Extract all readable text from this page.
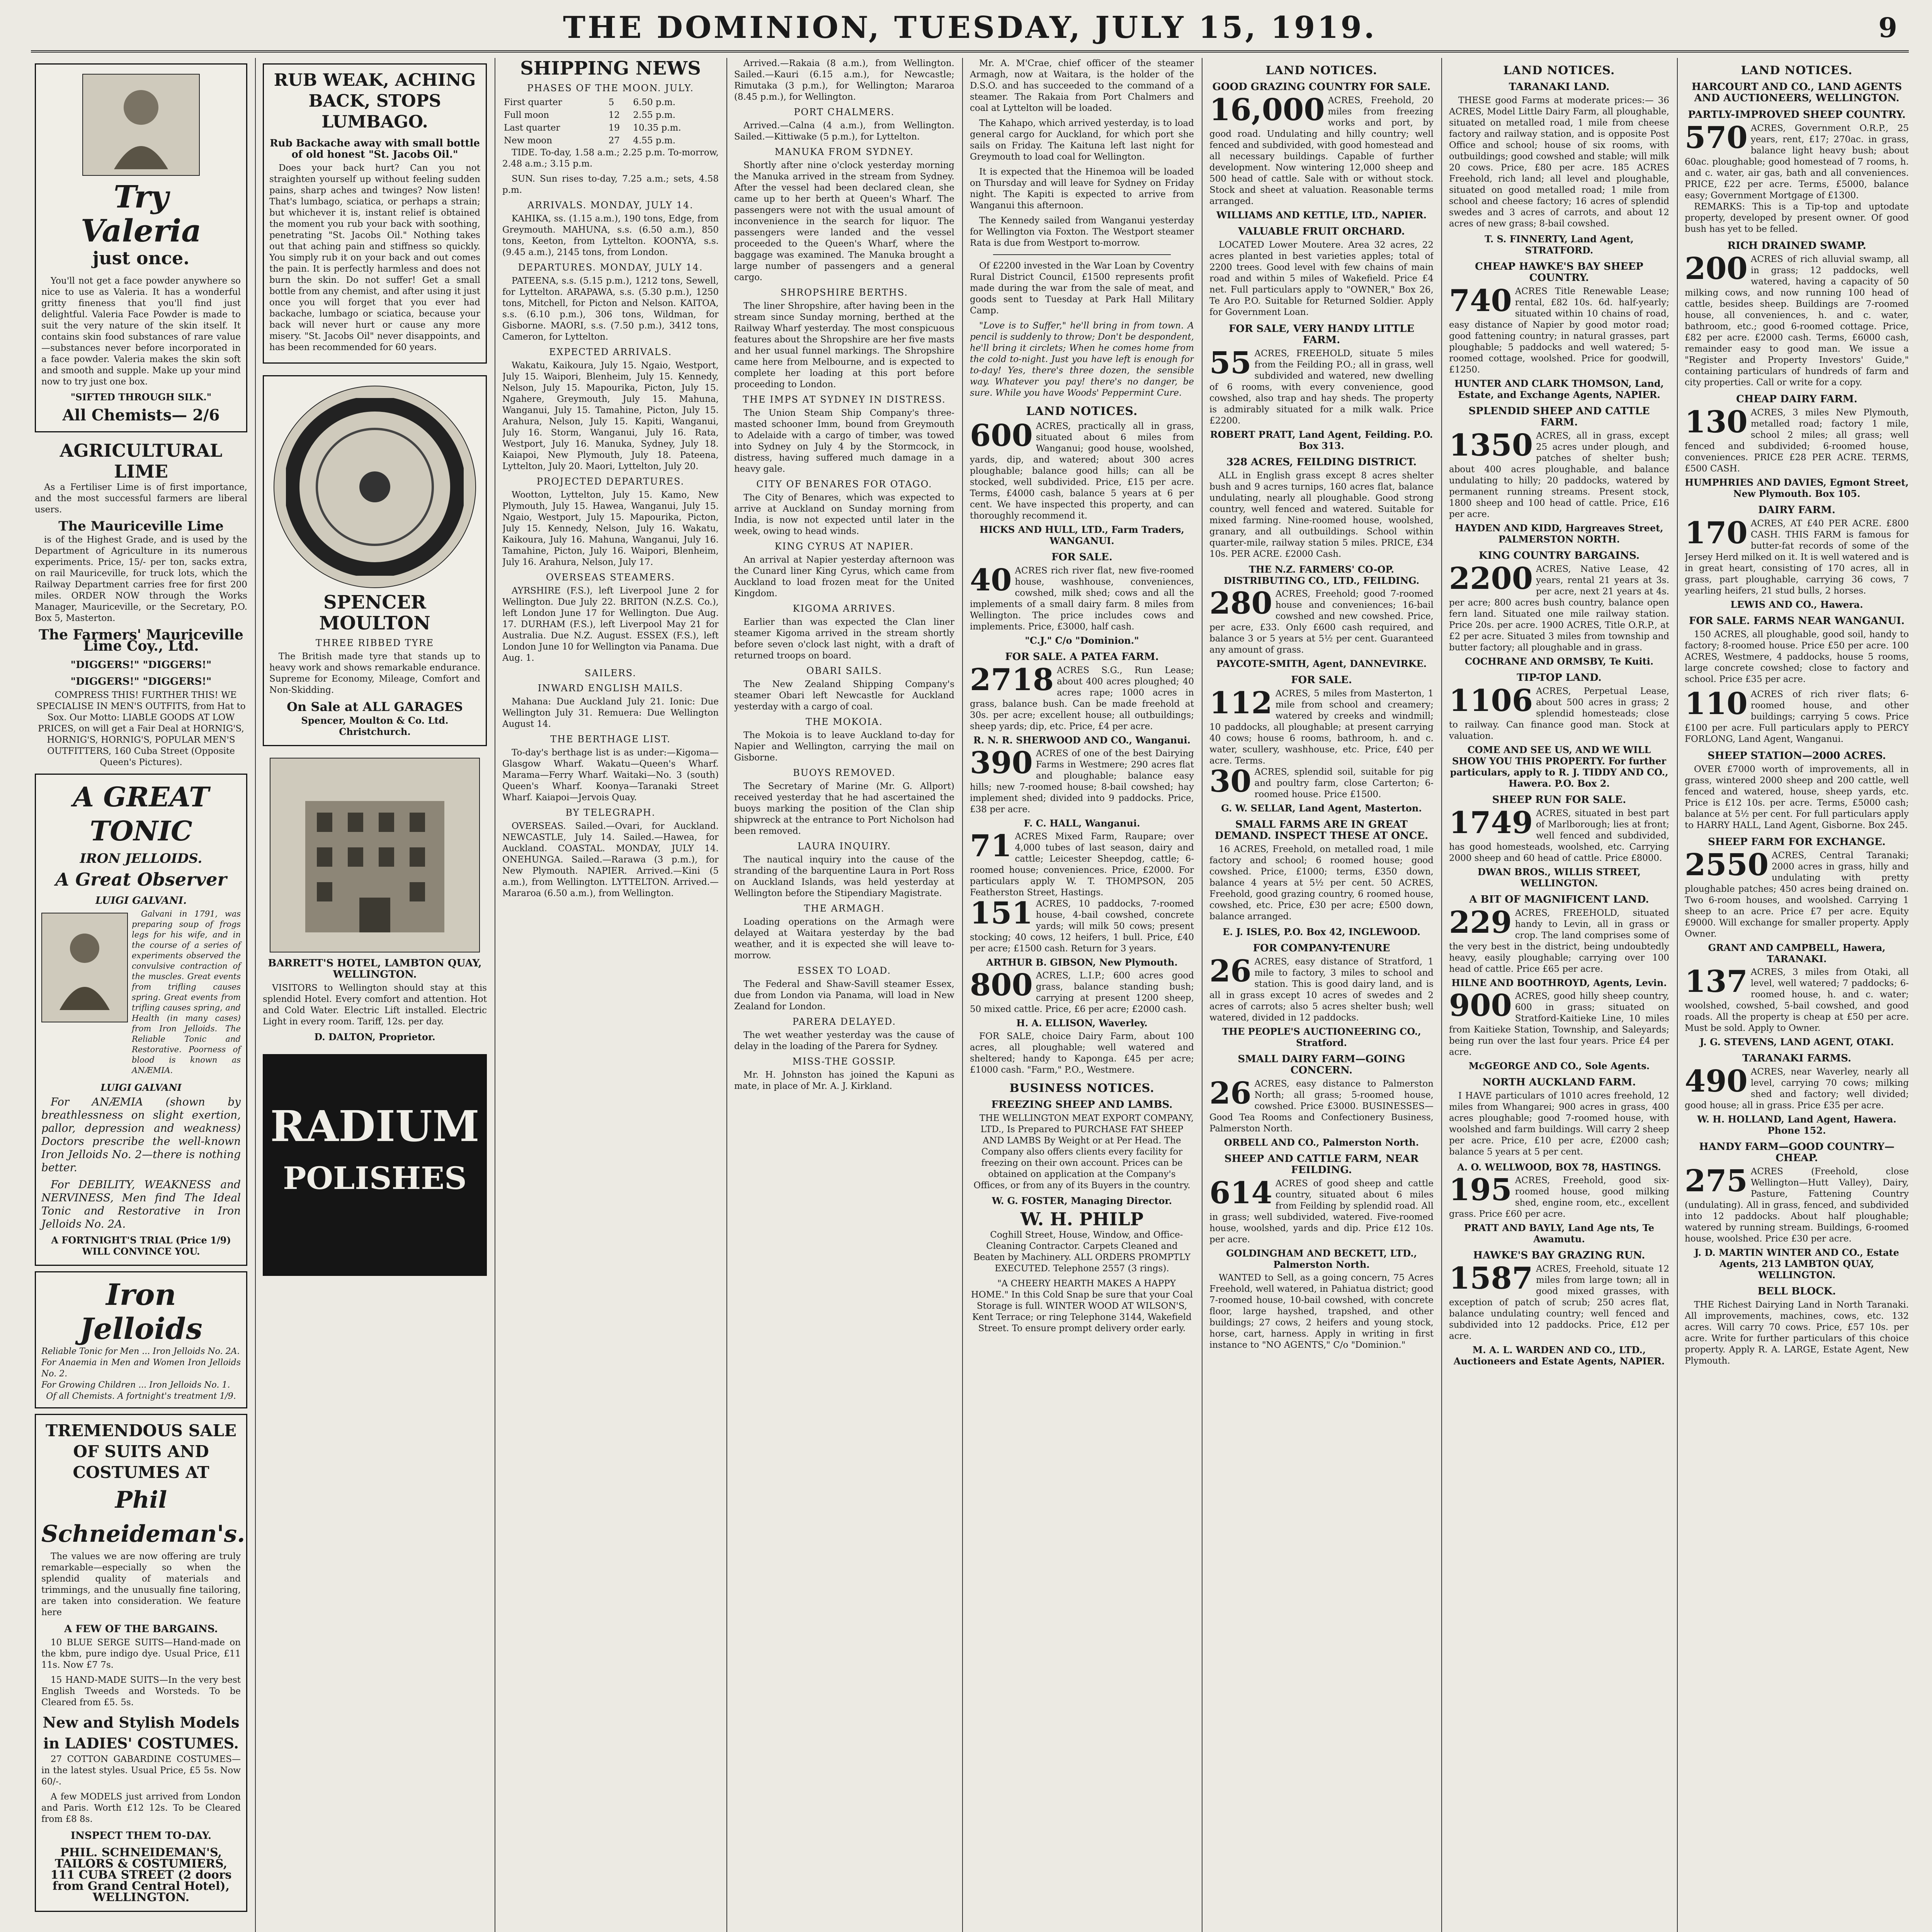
THE DOMINION, TUESDAY, JULY 15, 1919.	9
Try
Valeria
just once.

You'll not get a face powder anywhere so nice to use as Valeria. It has a wonderful gritty fineness that you'll find just delightful. Valeria Face Powder is made to suit the very nature of the skin itself. It contains skin food substances of rare value—substances never before incorporated in a face powder. Valeria makes the skin soft and smooth and supple. Make up your mind now to try just one box.

"SIFTED THROUGH SILK."
All Chemists— 2/6
AGRICULTURAL LIME

As a Fertiliser Lime is of first importance, and the most successful farmers are liberal users.

The Mauriceville Lime

is of the Highest Grade, and is used by the Department of Agriculture in its numerous experiments. Price, 15/- per ton, sacks extra, on rail Mauriceville, for truck lots, which the Railway Department carries free for first 200 miles. ORDER NOW through the Works Manager, Mauriceville, or the Secretary, P.O. Box 5, Masterton.

The Farmers' Mauriceville Lime Coy., Ltd.
"DIGGERS!" "DIGGERS!"
"DIGGERS!" "DIGGERS!"

COMPRESS THIS! FURTHER THIS! WE SPECIALISE IN MEN'S OUTFITS, from Hat to Sox. Our Motto: LIABLE GOODS AT LOW PRICES, on will get a Fair Deal at HORNIG'S, HORNIG'S, HORNIG'S, POPULAR MEN'S OUTFITTERS, 160 Cuba Street (Opposite Queen's Pictures).

A GREAT TONIC
IRON JELLOIDS.
A Great Observer
LUIGI GALVANI.

Galvani in 1791, was preparing soup of frogs legs for his wife, and in the course of a series of experiments observed the convulsive contraction of the muscles. Great events from trifling causes spring. Great events from trifling causes spring, and Health (in many cases) from Iron Jelloids. The Reliable Tonic and Restorative. Poorness of blood is known as ANÆMIA.

LUIGI GALVANI

For ANÆMIA (shown by breathlessness on slight exertion, pallor, depression and weakness) Doctors prescribe the well-known Iron Jelloids No. 2—there is nothing better.

For DEBILITY, WEAKNESS and NERVINESS, Men find The Ideal Tonic and Restorative in Iron Jelloids No. 2A.

A FORTNIGHT'S TRIAL (Price 1/9) WILL CONVINCE YOU.
Iron Jelloids
Reliable Tonic for Men ... Iron Jelloids No. 2A.
For Anaemia in Men and Women Iron Jelloids No. 2.
For Growing Children ... Iron Jelloids No. 1.
Of all Chemists. A fortnight's treatment 1/9.
TREMENDOUS SALE OF SUITS AND COSTUMES AT
Phil Schneideman's.

The values we are now offering are truly remarkable—especially so when the splendid quality of materials and trimmings, and the unusually fine tailoring, are taken into consideration. We feature here

A FEW OF THE BARGAINS.

10 BLUE SERGE SUITS—Hand-made on the kbm, pure indigo dye. Usual Price, £11 11s. Now £7 7s.

15 HAND-MADE SUITS—In the very best English Tweeds and Worsteds. To be Cleared from £5. 5s.

New and Stylish Models in LADIES' COSTUMES.

27 COTTON GABARDINE COSTUMES—in the latest styles. Usual Price, £5 5s. Now 60/-.

A few MODELS just arrived from London and Paris. Worth £12 12s. To be Cleared from £8 8s.

INSPECT THEM TO-DAY.
PHIL. SCHNEIDEMAN'S, TAILORS & COSTUMIERS, 111 CUBA STREET (2 doors from Grand Central Hotel), WELLINGTON.
RUB WEAK, ACHING BACK, STOPS LUMBAGO.
Rub Backache away with small bottle of old honest "St. Jacobs Oil."

Does your back hurt? Can you not straighten yourself up without feeling sudden pains, sharp aches and twinges? Now listen! That's lumbago, sciatica, or perhaps a strain; but whichever it is, instant relief is obtained the moment you rub your back with soothing, penetrating "St. Jacobs Oil." Nothing takes out that aching pain and stiffness so quickly. You simply rub it on your back and out comes the pain. It is perfectly harmless and does not burn the skin. Do not suffer! Get a small bottle from any chemist, and after using it just once you will forget that you ever had backache, lumbago or sciatica, because your back will never hurt or cause any more misery. "St. Jacobs Oil" never disappoints, and has been recommended for 60 years.

SPENCER MOULTON
THREE RIBBED TYRE

The British made tyre that stands up to heavy work and shows remarkable endurance. Supreme for Economy, Mileage, Comfort and Non-Skidding.

On Sale at ALL GARAGES
Spencer, Moulton & Co. Ltd. Christchurch.
BARRETT'S HOTEL, LAMBTON QUAY, WELLINGTON.

VISITORS to Wellington should stay at this splendid Hotel. Every comfort and attention. Hot and Cold Water. Electric Lift installed. Electric Light in every room. Tariff, 12s. per day.

D. DALTON, Proprietor.
RADIUM
POLISHES
SHIPPING NEWS
PHASES OF THE MOON. JULY.
First quarter	5	6.50 p.m.
Full moon	12	2.55 p.m.
Last quarter	19	10.35 p.m.
New moon	27	4.55 p.m.

TIDE. To-day, 1.58 a.m.; 2.25 p.m. To-morrow, 2.48 a.m.; 3.15 p.m.

SUN. Sun rises to-day, 7.25 a.m.; sets, 4.58 p.m.

ARRIVALS. MONDAY, JULY 14.

KAHIKA, ss. (1.15 a.m.), 190 tons, Edge, from Greymouth. MAHUNA, s.s. (6.50 a.m.), 850 tons, Keeton, from Lyttelton. KOONYA, s.s. (9.45 a.m.), 2145 tons, from London.

DEPARTURES. MONDAY, JULY 14.

PATEENA, s.s. (5.15 p.m.), 1212 tons, Sewell, for Lyttelton. ARAPAWA, s.s. (5.30 p.m.), 1250 tons, Mitchell, for Picton and Nelson. KAITOA, s.s. (6.10 p.m.), 306 tons, Wildman, for Gisborne. MAORI, s.s. (7.50 p.m.), 3412 tons, Cameron, for Lyttelton.

EXPECTED ARRIVALS.

Wakatu, Kaikoura, July 15. Ngaio, Westport, July 15. Waipori, Blenheim, July 15. Kennedy, Nelson, July 15. Mapourika, Picton, July 15. Ngahere, Greymouth, July 15. Mahuna, Wanganui, July 15. Tamahine, Picton, July 15. Arahura, Nelson, July 15. Kapiti, Wanganui, July 16. Storm, Wanganui, July 16. Rata, Westport, July 16. Manuka, Sydney, July 18. Kaiapoi, New Plymouth, July 18. Pateena, Lyttelton, July 20. Maori, Lyttelton, July 20.

PROJECTED DEPARTURES.

Wootton, Lyttelton, July 15. Kamo, New Plymouth, July 15. Hawea, Wanganui, July 15. Ngaio, Westport, July 15. Mapourika, Picton, July 15. Kennedy, Nelson, July 16. Wakatu, Kaikoura, July 16. Mahuna, Wanganui, July 16. Tamahine, Picton, July 16. Waipori, Blenheim, July 16. Arahura, Nelson, July 17.

OVERSEAS STEAMERS.

AYRSHIRE (F.S.), left Liverpool June 2 for Wellington. Due July 22. BRITON (N.Z.S. Co.), left London June 17 for Wellington. Due Aug. 17. DURHAM (F.S.), left Liverpool May 21 for Australia. Due N.Z. August. ESSEX (F.S.), left London June 10 for Wellington via Panama. Due Aug. 1.

SAILERS.
INWARD ENGLISH MAILS.

Mahana: Due Auckland July 21. Ionic: Due Wellington July 31. Remuera: Due Wellington August 14.

THE BERTHAGE LIST.

To-day's berthage list is as under:—Kigoma—Glasgow Wharf. Wakatu—Queen's Wharf. Marama—Ferry Wharf. Waitaki—No. 3 (south) Queen's Wharf. Koonya—Taranaki Street Wharf. Kaiapoi—Jervois Quay.

BY TELEGRAPH.

OVERSEAS. Sailed.—Ovari, for Auckland. NEWCASTLE, July 14. Sailed.—Hawea, for Auckland. COASTAL. MONDAY, JULY 14. ONEHUNGA. Sailed.—Rarawa (3 p.m.), for New Plymouth. NAPIER. Arrived.—Kini (5 a.m.), from Wellington. LYTTELTON. Arrived.—Mararoa (6.50 a.m.), from Wellington.

Arrived.—Rakaia (8 a.m.), from Wellington. Sailed.—Kauri (6.15 a.m.), for Newcastle; Rimutaka (3 p.m.), for Wellington; Mararoa (8.45 p.m.), for Wellington.

PORT CHALMERS.

Arrived.—Calna (4 a.m.), from Wellington. Sailed.—Kittiwake (5 p.m.), for Lyttelton.

MANUKA FROM SYDNEY.

Shortly after nine o'clock yesterday morning the Manuka arrived in the stream from Sydney. After the vessel had been declared clean, she came up to her berth at Queen's Wharf. The passengers were not with the usual amount of inconvenience in the search for liquor. The passengers were landed and the vessel proceeded to the Queen's Wharf, where the baggage was examined. The Manuka brought a large number of passengers and a general cargo.

SHROPSHIRE BERTHS.

The liner Shropshire, after having been in the stream since Sunday morning, berthed at the Railway Wharf yesterday. The most conspicuous features about the Shropshire are her five masts and her usual funnel markings. The Shropshire came here from Melbourne, and is expected to complete her loading at this port before proceeding to London.

THE IMPS AT SYDNEY IN DISTRESS.

The Union Steam Ship Company's three-masted schooner Imm, bound from Greymouth to Adelaide with a cargo of timber, was towed into Sydney on July 4 by the Stormcock, in distress, having suffered much damage in a heavy gale.

CITY OF BENARES FOR OTAGO.

The City of Benares, which was expected to arrive at Auckland on Sunday morning from India, is now not expected until later in the week, owing to head winds.

KING CYRUS AT NAPIER.

An arrival at Napier yesterday afternoon was the Cunard liner King Cyrus, which came from Auckland to load frozen meat for the United Kingdom.

KIGOMA ARRIVES.

Earlier than was expected the Clan liner steamer Kigoma arrived in the stream shortly before seven o'clock last night, with a draft of returned troops on board.

OBARI SAILS.

The New Zealand Shipping Company's steamer Obari left Newcastle for Auckland yesterday with a cargo of coal.

THE MOKOIA.

The Mokoia is to leave Auckland to-day for Napier and Wellington, carrying the mail on Gisborne.

BUOYS REMOVED.

The Secretary of Marine (Mr. G. Allport) received yesterday that he had ascertained the buoys marking the position of the Clan ship shipwreck at the entrance to Port Nicholson had been removed.

LAURA INQUIRY.

The nautical inquiry into the cause of the stranding of the barquentine Laura in Port Ross on Auckland Islands, was held yesterday at Wellington before the Stipendiary Magistrate.

THE ARMAGH.

Loading operations on the Armagh were delayed at Waitara yesterday by the bad weather, and it is expected she will leave to-morrow.

ESSEX TO LOAD.

The Federal and Shaw-Savill steamer Essex, due from London via Panama, will load in New Zealand for London.

PARERA DELAYED.

The wet weather yesterday was the cause of delay in the loading of the Parera for Sydney.

MISS-THE GOSSIP.

Mr. H. Johnston has joined the Kapuni as mate, in place of Mr. A. J. Kirkland.

Mr. A. M'Crae, chief officer of the steamer Armagh, now at Waitara, is the holder of the D.S.O. and has succeeded to the command of a steamer. The Rakaia from Port Chalmers and coal at Lyttelton will be loaded.

The Kahapo, which arrived yesterday, is to load general cargo for Auckland, for which port she sails on Friday. The Kaituna left last night for Greymouth to load coal for Wellington.

It is expected that the Hinemoa will be loaded on Thursday and will leave for Sydney on Friday night. The Kapiti is expected to arrive from Wanganui this afternoon.

The Kennedy sailed from Wanganui yesterday for Wellington via Foxton. The Westport steamer Rata is due from Westport to-morrow.

Of £2200 invested in the War Loan by Coventry Rural District Council, £1500 represents profit made during the war from the sale of meat, and goods sent to Tuesday at Park Hall Military Camp.

"Love is to Suffer," he'll bring in from town. A pencil is suddenly to throw; Don't be despondent, he'll bring it circlets; When he comes home from the cold to-night. Just you have left is enough for to-day! Yes, there's three dozen, the sensible way. Whatever you pay! there's no danger, be sure. While you have Woods' Peppermint Cure.

LAND NOTICES.
600 ACRES, practically all in grass, situated about 6 miles from Wanganui; good house, woolshed, yards, dip, and watered; about 300 acres ploughable; balance good hills; can all be stocked, well subdivided. Price, £15 per acre. Terms, £4000 cash, balance 5 years at 6 per cent. We have inspected this property, and can thoroughly recommend it.
HICKS AND HULL, LTD., Farm Traders, WANGANUI.
FOR SALE.
40 ACRES rich river flat, new five-roomed house, washhouse, conveniences, cowshed, milk shed; cows and all the implements of a small dairy farm. 8 miles from Wellington. The price includes cows and implements. Price, £3000, half cash.
"C.J." C/o "Dominion."
FOR SALE. A PATEA FARM.
2718 ACRES S.G., Run Lease; about 400 acres ploughed; 40 acres rape; 1000 acres in grass, balance bush. Can be made freehold at 30s. per acre; excellent house; all outbuildings; sheep yards; dip, etc. Price, £4 per acre.
R. N. R. SHERWOOD AND CO., Wanganui.
390 ACRES of one of the best Dairying Farms in Westmere; 290 acres flat and ploughable; balance easy hills; new 7-roomed house; 8-bail cowshed; hay implement shed; divided into 9 paddocks. Price, £38 per acre.
F. C. HALL, Wanganui.
71 ACRES Mixed Farm, Raupare; over 4,000 tubes of last season, dairy and cattle; Leicester Sheepdog, cattle; 6-roomed house; conveniences. Price, £2000. For particulars apply W. T. THOMPSON, 205 Featherston Street, Hastings.
151 ACRES, 10 paddocks, 7-roomed house, 4-bail cowshed, concrete yards; will milk 50 cows; present stocking; 40 cows, 12 heifers, 1 bull. Price, £40 per acre; £1500 cash. Return for 3 years.
ARTHUR B. GIBSON, New Plymouth.
800 ACRES, L.I.P.; 600 acres good grass, balance standing bush; carrying at present 1200 sheep, 50 mixed cattle. Price, £6 per acre; £2000 cash.
H. A. ELLISON, Waverley.

FOR SALE, choice Dairy Farm, about 100 acres, all ploughable; well watered and sheltered; handy to Kaponga. £45 per acre; £1000 cash. "Farm," P.O., Westmere.

BUSINESS NOTICES.
FREEZING SHEEP AND LAMBS.

THE WELLINGTON MEAT EXPORT COMPANY, LTD., Is Prepared to PURCHASE FAT SHEEP AND LAMBS By Weight or at Per Head. The Company also offers clients every facility for freezing on their own account. Prices can be obtained on application at the Company's Offices, or from any of its Buyers in the country.

W. G. FOSTER, Managing Director.
W. H. PHILP

Coghill Street, House, Window, and Office-Cleaning Contractor. Carpets Cleaned and Beaten by Machinery. ALL ORDERS PROMPTLY EXECUTED. Telephone 2557 (3 rings).

"A CHEERY HEARTH MAKES A HAPPY HOME." In this Cold Snap be sure that your Coal Storage is full. WINTER WOOD AT WILSON'S, Kent Terrace; or ring Telephone 3144, Wakefield Street. To ensure prompt delivery order early.

LAND NOTICES.
GOOD GRAZING COUNTRY FOR SALE.
16,000 ACRES, Freehold, 20 miles from freezing works and port, by good road. Undulating and hilly country; well fenced and subdivided, with good homestead and all necessary buildings. Capable of further development. Now wintering 12,000 sheep and 500 head of cattle. Sale with or without stock. Stock and sheet at valuation. Reasonable terms arranged.
WILLIAMS AND KETTLE, LTD., NAPIER.
VALUABLE FRUIT ORCHARD.

LOCATED Lower Moutere. Area 32 acres, 22 acres planted in best varieties apples; total of 2200 trees. Good level with few chains of main road and within 5 miles of Wakefield. Price £4 net. Full particulars apply to "OWNER," Box 26, Te Aro P.O. Suitable for Returned Soldier. Apply for Government Loan.

FOR SALE, VERY HANDY LITTLE FARM.
55 ACRES, FREEHOLD, situate 5 miles from the Feilding P.O.; all in grass, well subdivided and watered, new dwelling of 6 rooms, with every convenience, good cowshed, also trap and hay sheds. The property is admirably situated for a milk walk. Price £2200.
ROBERT PRATT, Land Agent, Feilding. P.O. Box 313.
328 ACRES, FEILDING DISTRICT.

ALL in English grass except 8 acres shelter bush and 9 acres turnips, 160 acres flat, balance undulating, nearly all ploughable. Good strong country, well fenced and watered. Suitable for mixed farming. Nine-roomed house, woolshed, granary, and all outbuildings. School within quarter-mile, railway station 5 miles. PRICE, £34 10s. PER ACRE. £2000 Cash.

THE N.Z. FARMERS' CO-OP. DISTRIBUTING CO., LTD., FEILDING.
280 ACRES, Freehold; good 7-roomed house and conveniences; 16-bail cowshed and new cowshed. Price, per acre, £33. Only £600 cash required, and balance 3 or 5 years at 5½ per cent. Guaranteed any amount of grass.
PAYCOTE-SMITH, Agent, DANNEVIRKE.
FOR SALE.
112 ACRES, 5 miles from Masterton, 1 mile from school and creamery; watered by creeks and windmill; 10 paddocks, all ploughable; at present carrying 40 cows; house 6 rooms, bathroom, h. and c. water, scullery, washhouse, etc. Price, £40 per acre. Terms.
30 ACRES, splendid soil, suitable for pig and poultry farm, close Carterton; 6-roomed house. Price £1500.
G. W. SELLAR, Land Agent, Masterton.
SMALL FARMS ARE IN GREAT DEMAND. INSPECT THESE AT ONCE.

16 ACRES, Freehold, on metalled road, 1 mile factory and school; 6 roomed house; good cowshed. Price, £1000; terms, £350 down, balance 4 years at 5½ per cent. 50 ACRES, Freehold, good grazing country, 6 roomed house, cowshed, etc. Price, £30 per acre; £500 down, balance arranged.

E. J. ISLES, P.O. Box 42, INGLEWOOD.
FOR COMPANY-TENURE
26 ACRES, easy distance of Stratford, 1 mile to factory, 3 miles to school and station. This is good dairy land, and is all in grass except 10 acres of swedes and 2 acres of carrots; also 5 acres shelter bush; well watered, divided in 12 paddocks.
THE PEOPLE'S AUCTIONEERING CO., Stratford.
SMALL DAIRY FARM—GOING CONCERN.
26 ACRES, easy distance to Palmerston North; all grass; 5-roomed house, cowshed. Price £3000. BUSINESSES—Good Tea Rooms and Confectionery Business, Palmerston North.
ORBELL AND CO., Palmerston North.
SHEEP AND CATTLE FARM, NEAR FEILDING.
614 ACRES of good sheep and cattle country, situated about 6 miles from Feilding by splendid road. All in grass; well subdivided, watered. Five-roomed house, woolshed, yards and dip. Price £12 10s. per acre.
GOLDINGHAM AND BECKETT, LTD., Palmerston North.

WANTED to Sell, as a going concern, 75 Acres Freehold, well watered, in Pahiatua district; good 7-roomed house, 10-bail cowshed, with concrete floor, large hayshed, trapshed, and other buildings; 27 cows, 2 heifers and young stock, horse, cart, harness. Apply in writing in first instance to "NO AGENTS," C/o "Dominion."

LAND NOTICES.
TARANAKI LAND.

THESE good Farms at moderate prices:— 36 ACRES, Model Little Dairy Farm, all ploughable, situated on metalled road, 1 mile from cheese factory and railway station, and is opposite Post Office and school; house of six rooms, with outbuildings; good cowshed and stable; will milk 20 cows. Price, £80 per acre. 185 ACRES Freehold, rich land; all level and ploughable, situated on good metalled road; 1 mile from school and cheese factory; 16 acres of splendid swedes and 3 acres of carrots, and about 12 acres of new grass; 8-bail cowshed.

T. S. FINNERTY, Land Agent, STRATFORD.
CHEAP HAWKE'S BAY SHEEP COUNTRY.
740 ACRES Title Renewable Lease; rental, £82 10s. 6d. half-yearly; situated within 10 chains of road, easy distance of Napier by good motor road; good fattening country; in natural grasses, part ploughable; 5 paddocks and well watered; 5-roomed cottage, woolshed. Price for goodwill, £1250.
HUNTER AND CLARK THOMSON, Land, Estate, and Exchange Agents, NAPIER.
SPLENDID SHEEP AND CATTLE FARM.
1350 ACRES, all in grass, except 25 acres under plough, and patches of shelter bush; about 400 acres ploughable, and balance undulating to hilly; 20 paddocks, watered by permanent running streams. Present stock, 1800 sheep and 100 head of cattle. Price, £16 per acre.
HAYDEN AND KIDD, Hargreaves Street, PALMERSTON NORTH.
KING COUNTRY BARGAINS.
2200 ACRES, Native Lease, 42 years, rental 21 years at 3s. per acre, next 21 years at 4s. per acre; 800 acres bush country, balance open fern land. Situated one mile railway station. Price 20s. per acre. 1900 ACRES, Title O.R.P., at £2 per acre. Situated 3 miles from township and butter factory; all ploughable and in grass.
COCHRANE AND ORMSBY, Te Kuiti.
TIP-TOP LAND.
1106 ACRES, Perpetual Lease, about 500 acres in grass; 2 splendid homesteads; close to railway. Can finance good man. Stock at valuation.
COME AND SEE US, AND WE WILL SHOW YOU THIS PROPERTY. For further particulars, apply to R. J. TIDDY AND CO., Hawera. P.O. Box 2.
SHEEP RUN FOR SALE.
1749 ACRES, situated in best part of Marlborough; lies at front; well fenced and subdivided, has good homesteads, woolshed, etc. Carrying 2000 sheep and 60 head of cattle. Price £8000.
DWAN BROS., WILLIS STREET, WELLINGTON.
A BIT OF MAGNIFICENT LAND.
229 ACRES, FREEHOLD, situated handy to Levin, all in grass or crop. The land comprises some of the very best in the district, being undoubtedly heavy, easily ploughable; carrying over 100 head of cattle. Price £65 per acre.
HILNE AND BOOTHROYD, Agents, Levin.
900 ACRES, good hilly sheep country, 600 in grass; situated on Stratford-Kaitieke Line, 10 miles from Kaitieke Station, Township, and Saleyards; being run over the last four years. Price £4 per acre.
McGEORGE AND CO., Sole Agents.
NORTH AUCKLAND FARM.

I HAVE particulars of 1010 acres freehold, 12 miles from Whangarei; 900 acres in grass, 400 acres ploughable; good 7-roomed house, with woolshed and farm buildings. Will carry 2 sheep per acre. Price, £10 per acre, £2000 cash; balance 5 years at 5 per cent.

A. O. WELLWOOD, BOX 78, HASTINGS.
195 ACRES, Freehold, good six-roomed house, good milking shed, engine room, etc., excellent grass. Price £60 per acre.
PRATT AND BAYLY, Land Age nts, Te Awamutu.
HAWKE'S BAY GRAZING RUN.
1587 ACRES, Freehold, situate 12 miles from large town; all in good mixed grasses, with exception of patch of scrub; 250 acres flat, balance undulating country; well fenced and subdivided into 12 paddocks. Price, £12 per acre.
M. A. L. WARDEN AND CO., LTD., Auctioneers and Estate Agents, NAPIER.
LAND NOTICES.
HARCOURT AND CO., LAND AGENTS AND AUCTIONEERS, WELLINGTON.
PARTLY-IMPROVED SHEEP COUNTRY.
570 ACRES, Government O.R.P., 25 years, rent, £17; 270ac. in grass, balance light heavy bush; about 60ac. ploughable; good homestead of 7 rooms, h. and c. water, air gas, bath and all conveniences. PRICE, £22 per acre. Terms, £5000, balance easy; Government Mortgage of £1300.

REMARKS: This is a Tip-top and uptodate property, developed by present owner. Of good bush has yet to be felled.

RICH DRAINED SWAMP.
200 ACRES of rich alluvial swamp, all in grass; 12 paddocks, well watered, having a capacity of 50 milking cows, and now running 100 head of cattle, besides sheep. Buildings are 7-roomed house, all conveniences, h. and c. water, bathroom, etc.; good 6-roomed cottage. Price, £82 per acre. £2000 cash. Terms, £6000 cash, remainder easy to good man. We issue a "Register and Property Investors' Guide," containing particulars of hundreds of farm and city properties. Call or write for a copy.
CHEAP DAIRY FARM.
130 ACRES, 3 miles New Plymouth, metalled road; factory 1 mile, school 2 miles; all grass; well fenced and subdivided; 6-roomed house, conveniences. PRICE £28 PER ACRE. TERMS, £500 CASH.
HUMPHRIES AND DAVIES, Egmont Street, New Plymouth. Box 105.
DAIRY FARM.
170 ACRES, AT £40 PER ACRE. £800 CASH. THIS FARM is famous for butter-fat records of some of the Jersey Herd milked on it. It is well watered and is in great heart, consisting of 170 acres, all in grass, part ploughable, carrying 36 cows, 7 yearling heifers, 21 stud bulls, 2 horses.
LEWIS AND CO., Hawera.
FOR SALE. FARMS NEAR WANGANUI.

150 ACRES, all ploughable, good soil, handy to factory; 8-roomed house. Price £50 per acre. 100 ACRES, Westmere, 4 paddocks, house 5 rooms, large concrete cowshed; close to factory and school. Price £35 per acre.

110 ACRES of rich river flats; 6-roomed house, and other buildings; carrying 5 cows. Price £100 per acre. Full particulars apply to PERCY FORLONG, Land Agent, Wanganui.
SHEEP STATION—2000 ACRES.

OVER £7000 worth of improvements, all in grass, wintered 2000 sheep and 200 cattle, well fenced and watered, house, sheep yards, etc. Price is £12 10s. per acre. Terms, £5000 cash; balance at 5½ per cent. For full particulars apply to HARRY HALL, Land Agent, Gisborne. Box 245.

SHEEP FARM FOR EXCHANGE.
2550 ACRES, Central Taranaki; 2000 acres in grass, hilly and undulating with pretty ploughable patches; 450 acres being drained on. Two 6-room houses, and woolshed. Carrying 1 sheep to an acre. Price £7 per acre. Equity £9000. Will exchange for smaller property. Apply Owner.
GRANT AND CAMPBELL, Hawera, TARANAKI.
137 ACRES, 3 miles from Otaki, all level, well watered; 7 paddocks; 6-roomed house, h. and c. water; woolshed, cowshed, 5-bail cowshed, and good roads. All the property is cheap at £50 per acre. Must be sold. Apply to Owner.
J. G. STEVENS, LAND AGENT, OTAKI.
TARANAKI FARMS.
490 ACRES, near Waverley, nearly all level, carrying 70 cows; milking shed and factory; well divided; good house; all in grass. Price £35 per acre.
W. H. HOLLAND, Land Agent, Hawera. Phone 152.
HANDY FARM—GOOD COUNTRY—CHEAP.
275 ACRES (Freehold, close Wellington—Hutt Valley), Dairy, Pasture, Fattening Country (undulating). All in grass, fenced, and subdivided into 12 paddocks. About half ploughable; watered by running stream. Buildings, 6-roomed house, woolshed. Price £30 per acre.
J. D. MARTIN WINTER AND CO., Estate Agents, 213 LAMBTON QUAY, WELLINGTON.
BELL BLOCK.

THE Richest Dairying Land in North Taranaki. All improvements, machines, cows, etc. 132 acres. Will carry 70 cows. Price, £57 10s. per acre. Write for further particulars of this choice property. Apply R. A. LARGE, Estate Agent, New Plymouth.
